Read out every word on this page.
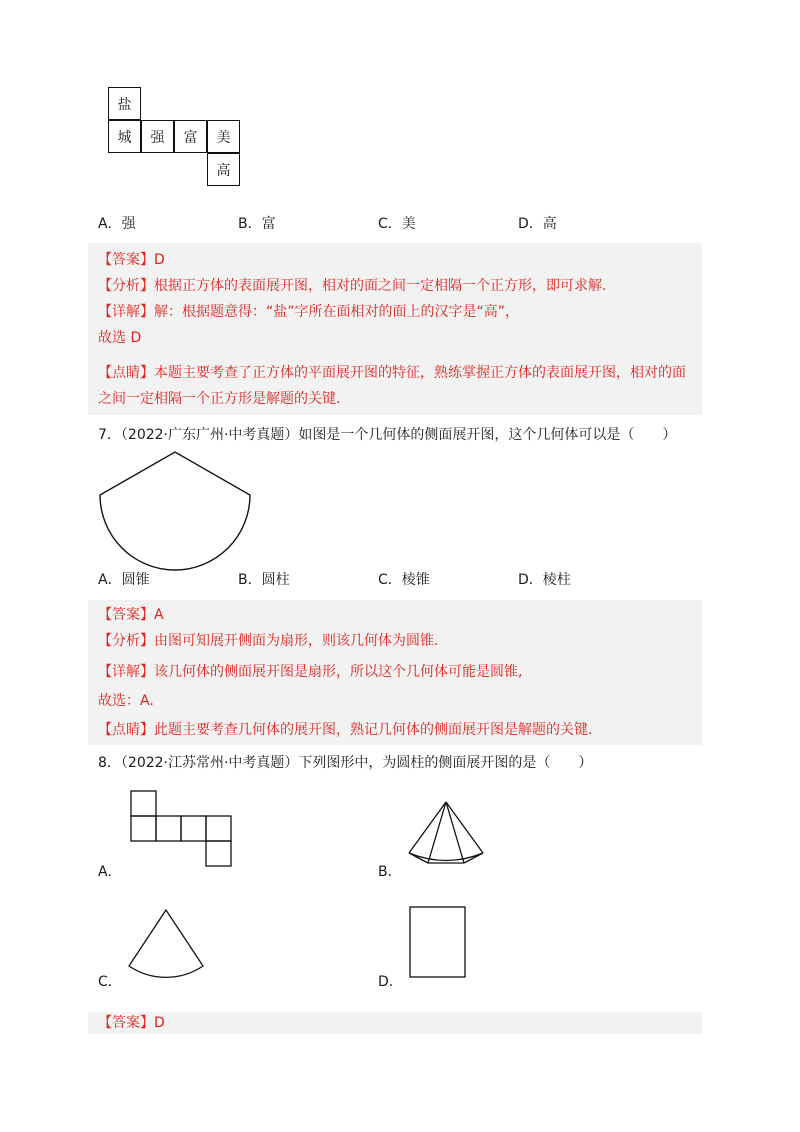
盐
城	强	富	美
高
A．强	B．富	C．美	D．高
【答案】D
【分析】根据正方体的表面展开图，相对的面之间一定相隔一个正方形，即可求解.
【详解】解：根据题意得：“盐”字所在面相对的面上的汉字是“高”，
故选 D
【点睛】本题主要考查了正方体的平面展开图的特征，熟练掌握正方体的表面展开图，相对的面
之间一定相隔一个正方形是解题的关键.
7．（2022·广东广州·中考真题）如图是一个几何体的侧面展开图，这个几何体可以是（　　）
A．圆锥	B．圆柱	C．棱锥	D．棱柱
【答案】A
【分析】由图可知展开侧面为扇形，则该几何体为圆锥.
【详解】该几何体的侧面展开图是扇形，所以这个几何体可能是圆锥,
故选：A.
【点睛】此题主要考查几何体的展开图，熟记几何体的侧面展开图是解题的关键.
8．（2022·江苏常州·中考真题）下列图形中，为圆柱的侧面展开图的是（　　）
A．	B．
C．	D．
【答案】D
